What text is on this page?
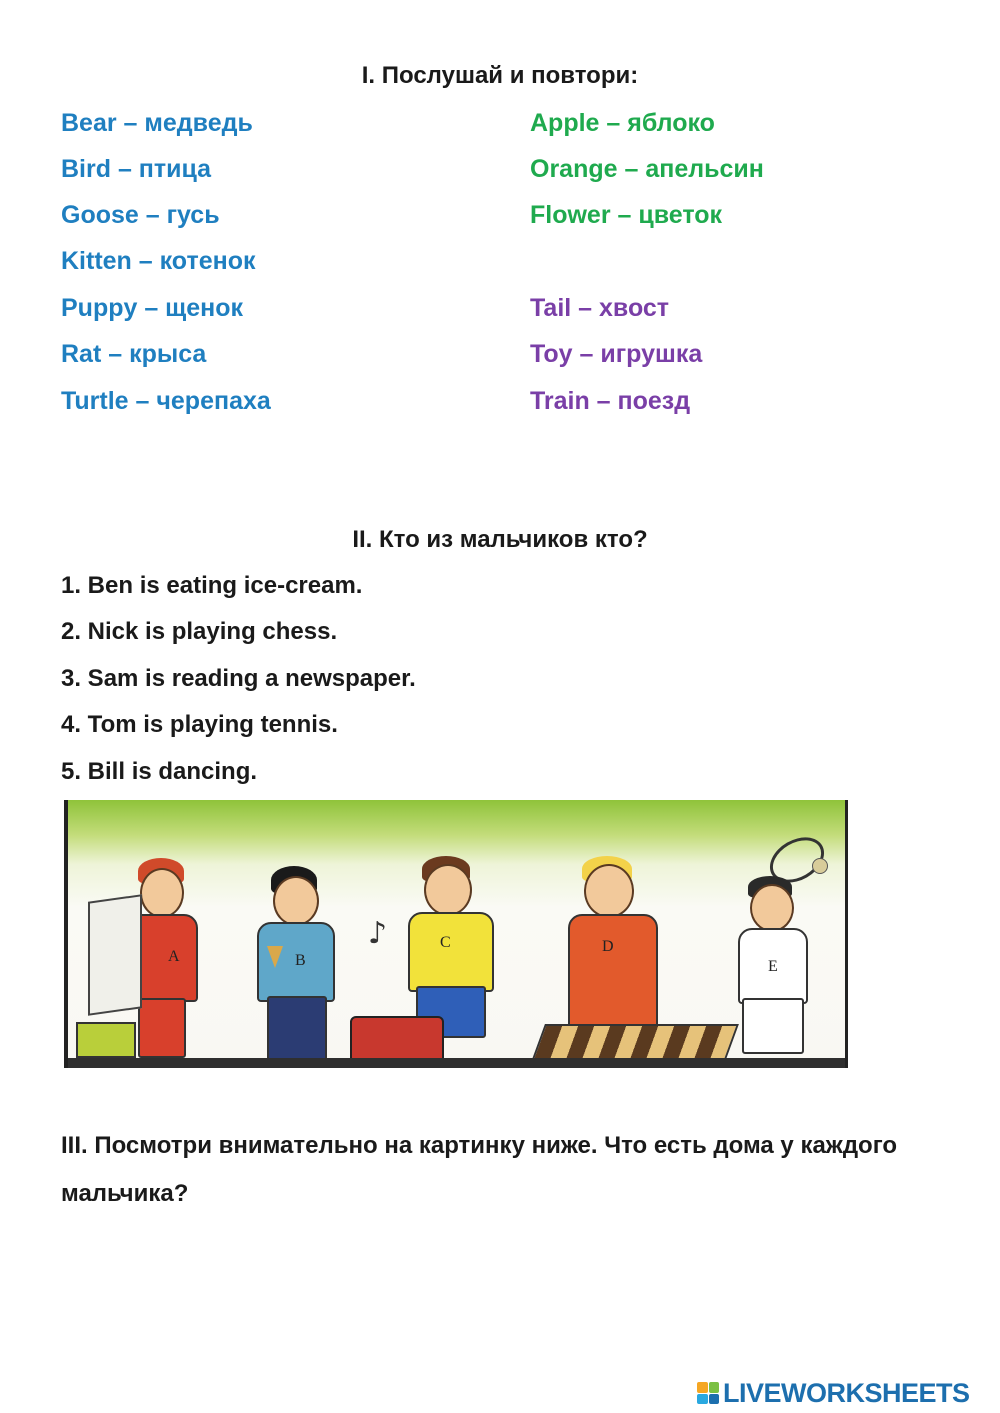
I. Послушай и повтори:
Bear – медведь
Bird – птица
Goose – гусь
Kitten – котенок
Puppy – щенок
Rat – крыса
Turtle – черепаха
Apple – яблоко
Orange – апельсин
Flower – цветок
Tail – хвост
Toy – игрушка
Train – поезд
II. Кто из мальчиков кто?
1. Ben is eating ice-cream.
2. Nick is playing chess.
3. Sam is reading a newspaper.
4. Tom is playing tennis.
5. Bill is dancing.
A	B
C
♪	D
E
III. Посмотри внимательно на картинку ниже. Что есть дома у каждого мальчика?
LIVEWORKSHEETS
